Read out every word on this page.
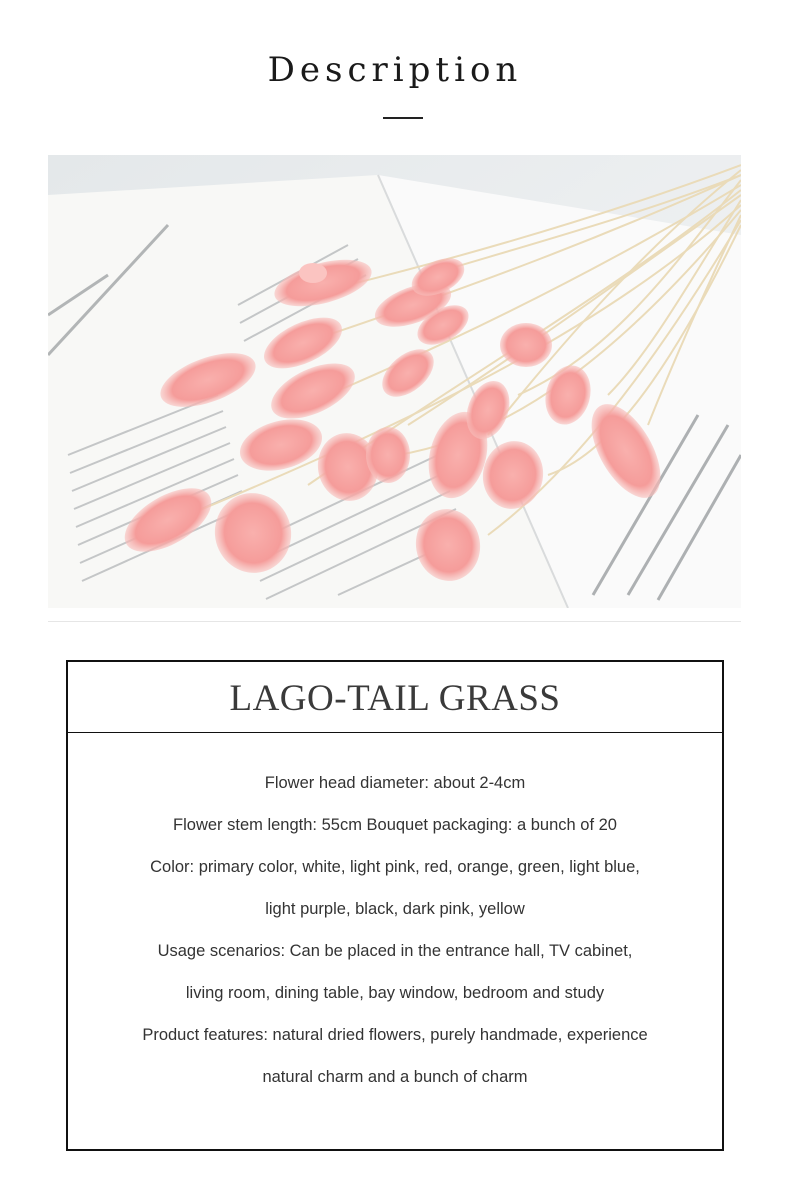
Description
LAGO-TAIL GRASS
Flower head diameter: about 2-4cm
Flower stem length: 55cm Bouquet packaging: a bunch of 20
Color: primary color, white, light pink, red, orange, green, light blue,
light purple, black, dark pink, yellow
Usage scenarios: Can be placed in the entrance hall, TV cabinet,
living room, dining table, bay window, bedroom and study
Product features: natural dried flowers, purely handmade, experience
natural charm and a bunch of charm
